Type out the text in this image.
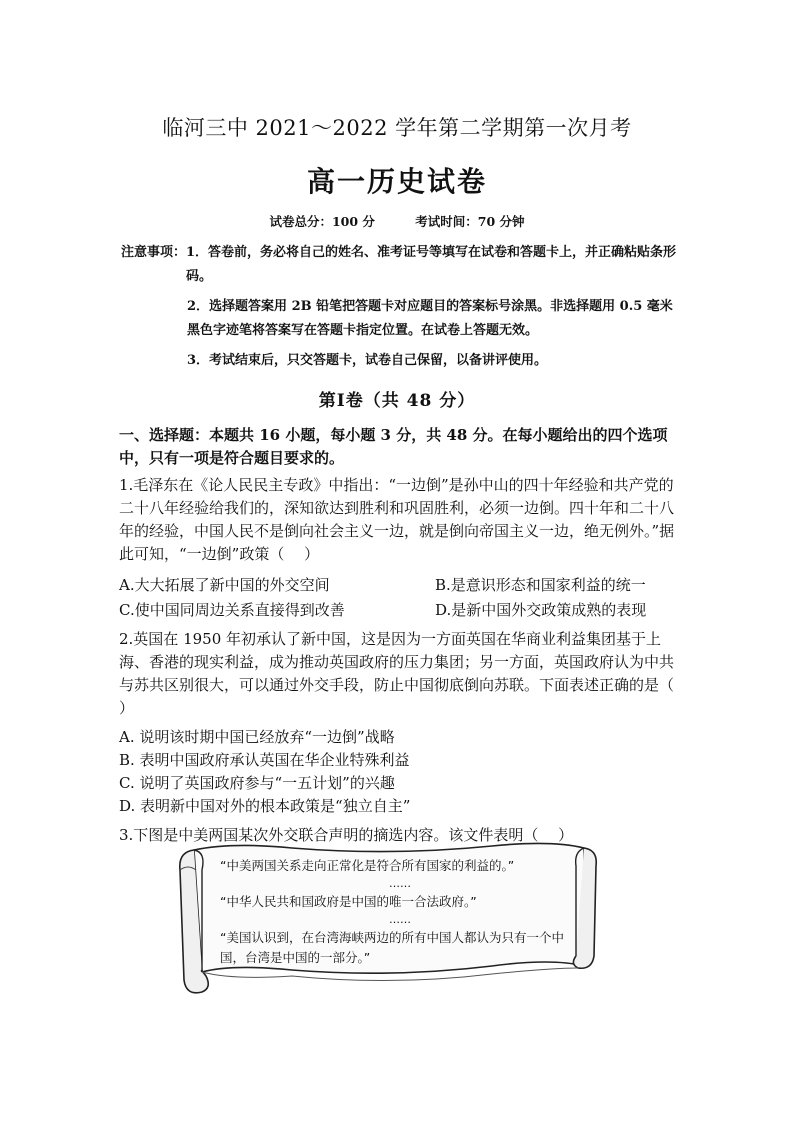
临河三中 2021～2022 学年第二学期第一次月考
高一历史试卷
试卷总分：100 分	考试时间：70 分钟
注意事项： 1．答卷前，务必将自己的姓名、准考证号等填写在试卷和答题卡上，并正确粘贴条形码。

2．选择题答案用 2B 铅笔把答题卡对应题目的答案标号涂黑。非选择题用 0.5 毫米黑色字迹笔将答案写在答题卡指定位置。在试卷上答题无效。

3．考试结束后，只交答题卡，试卷自己保留，以备讲评使用。

第Ⅰ卷（共 48 分）

一、选择题：本题共 16 小题，每小题 3 分，共 48 分。在每小题给出的四个选项中，只有一项是符合题目要求的。

1.毛泽东在《论人民民主专政》中指出：“一边倒”是孙中山的四十年经验和共产党的二十八年经验给我们的，深知欲达到胜利和巩固胜利，必须一边倒。四十年和二十八年的经验，中国人民不是倒向社会主义一边，就是倒向帝国主义一边，绝无例外。”据此可知，“一边倒”政策（　 ）

A.大大拓展了新中国的外交空间	B.是意识形态和国家利益的统一

C.使中国同周边关系直接得到改善	D.是新中国外交政策成熟的表现

2.英国在 1950 年初承认了新中国，这是因为一方面英国在华商业利益集团基于上海、香港的现实利益，成为推动英国政府的压力集团；另一方面，英国政府认为中共与苏共区别很大，可以通过外交手段，防止中国彻底倒向苏联。下面表述正确的是（　 ）

A. 说明该时期中国已经放弃“一边倒”战略

B. 表明中国政府承认英国在华企业特殊利益

C. 说明了英国政府参与“一五计划”的兴趣

D. 表明新中国对外的根本政策是“独立自主”

3.下图是中美两国某次外交联合声明的摘选内容。该文件表明（　 ）

“中美两国关系走向正常化是符合所有国家的利益的。”

……

“中华人民共和国政府是中国的唯一合法政府。”

……

“美国认识到，在台湾海峡两边的所有中国人都认为只有一个中国，台湾是中国的一部分。”
